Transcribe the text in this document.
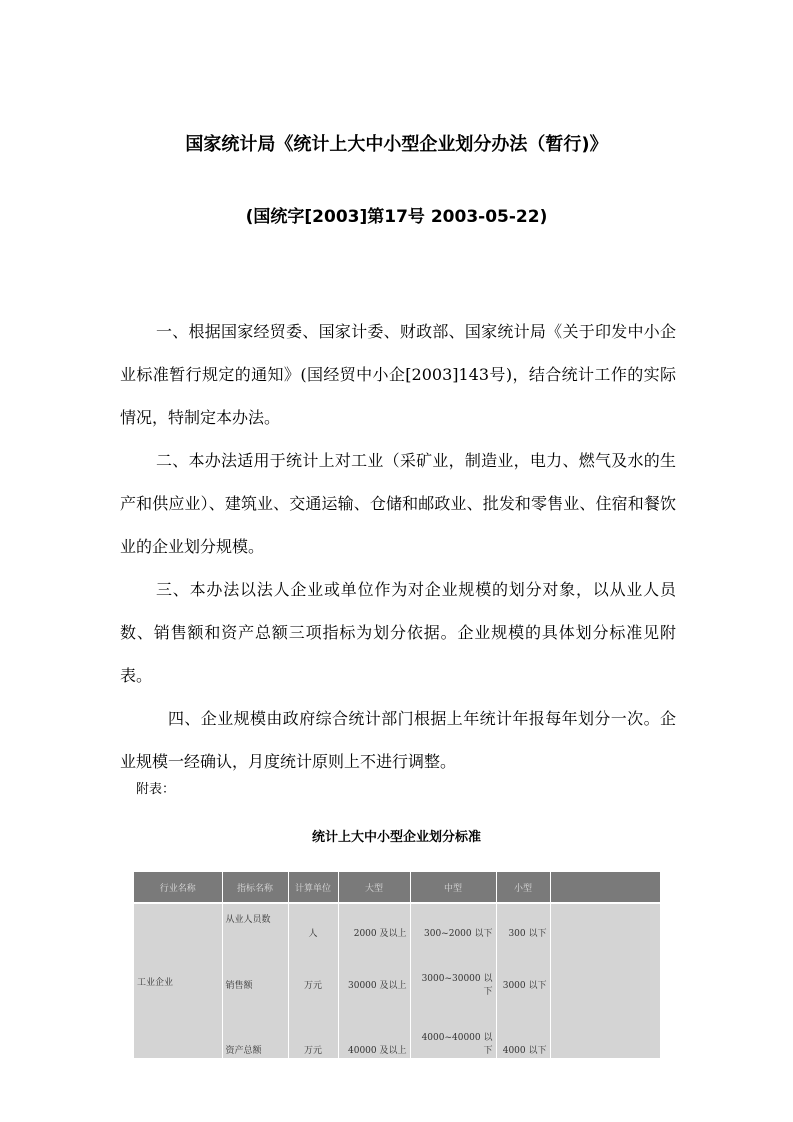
国家统计局《统计上大中小型企业划分办法（暂行)》
(国统字[2003]第17号 2003-05-22)

一、根据国家经贸委、国家计委、财政部、国家统计局《关于印发中小企业标准暂行规定的通知》(国经贸中小企[2003]143号)，结合统计工作的实际情况，特制定本办法。

二、本办法适用于统计上对工业（采矿业，制造业，电力、燃气及水的生产和供应业）、建筑业、交通运输、仓储和邮政业、批发和零售业、住宿和餐饮业的企业划分规模。

三、本办法以法人企业或单位作为对企业规模的划分对象，以从业人员数、销售额和资产总额三项指标为划分依据。企业规模的具体划分标准见附表。

四、企业规模由政府综合统计部门根据上年统计年报每年划分一次。企业规模一经确认，月度统计原则上不进行调整。

附表：
统计上大中小型企业划分标准
行业名称	指标名称	计算单位	大型	中型	小型	
工业企业	从业人员数	人	2000 及以上	300~2000 以下	300 以下	
	销售额	万元	30000 及以上	3000~30000 以下	3000 以下	
	资产总额	万元	40000 及以上	4000~40000 以下	4000 以下	
